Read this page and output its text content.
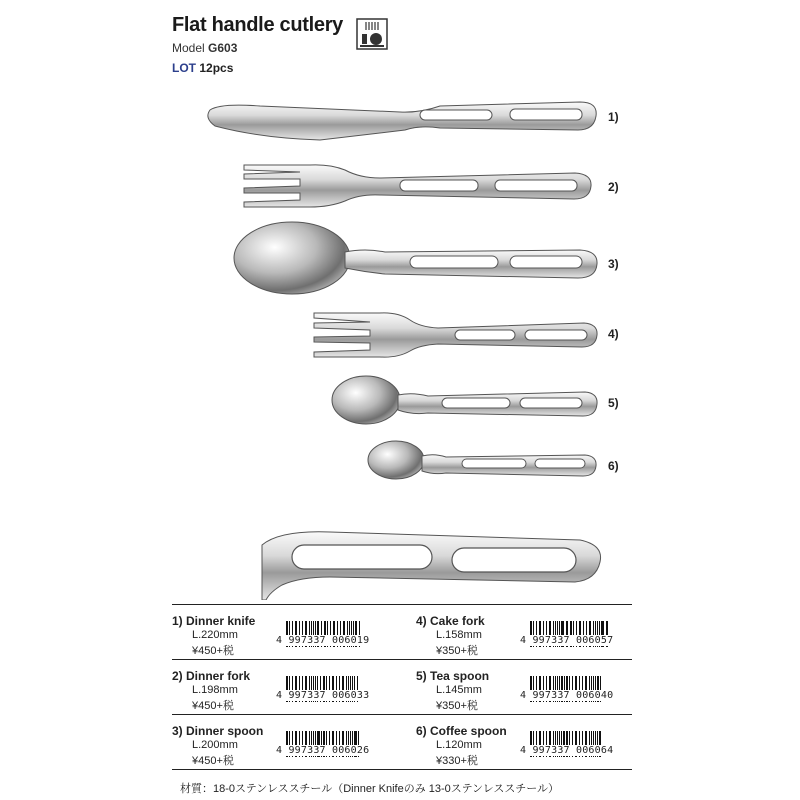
Flat handle cutlery
Model G603
LOT 12pcs
1)
2)
3)
4)
5)
6)
1) Dinner knife
L.220mm
¥450+税
4 997337 006019
4) Cake fork
L.158mm
¥350+税
4 997337 006057
2) Dinner fork
L.198mm
¥450+税
4 997337 006033
5) Tea spoon
L.145mm
¥350+税
4 997337 006040
3) Dinner spoon
L.200mm
¥450+税
4 997337 006026
6) Coffee spoon
L.120mm
¥330+税
4 997337 006064
材質：18-0ステンレススチール（Dinner Knifeのみ 13-0ステンレススチール）
